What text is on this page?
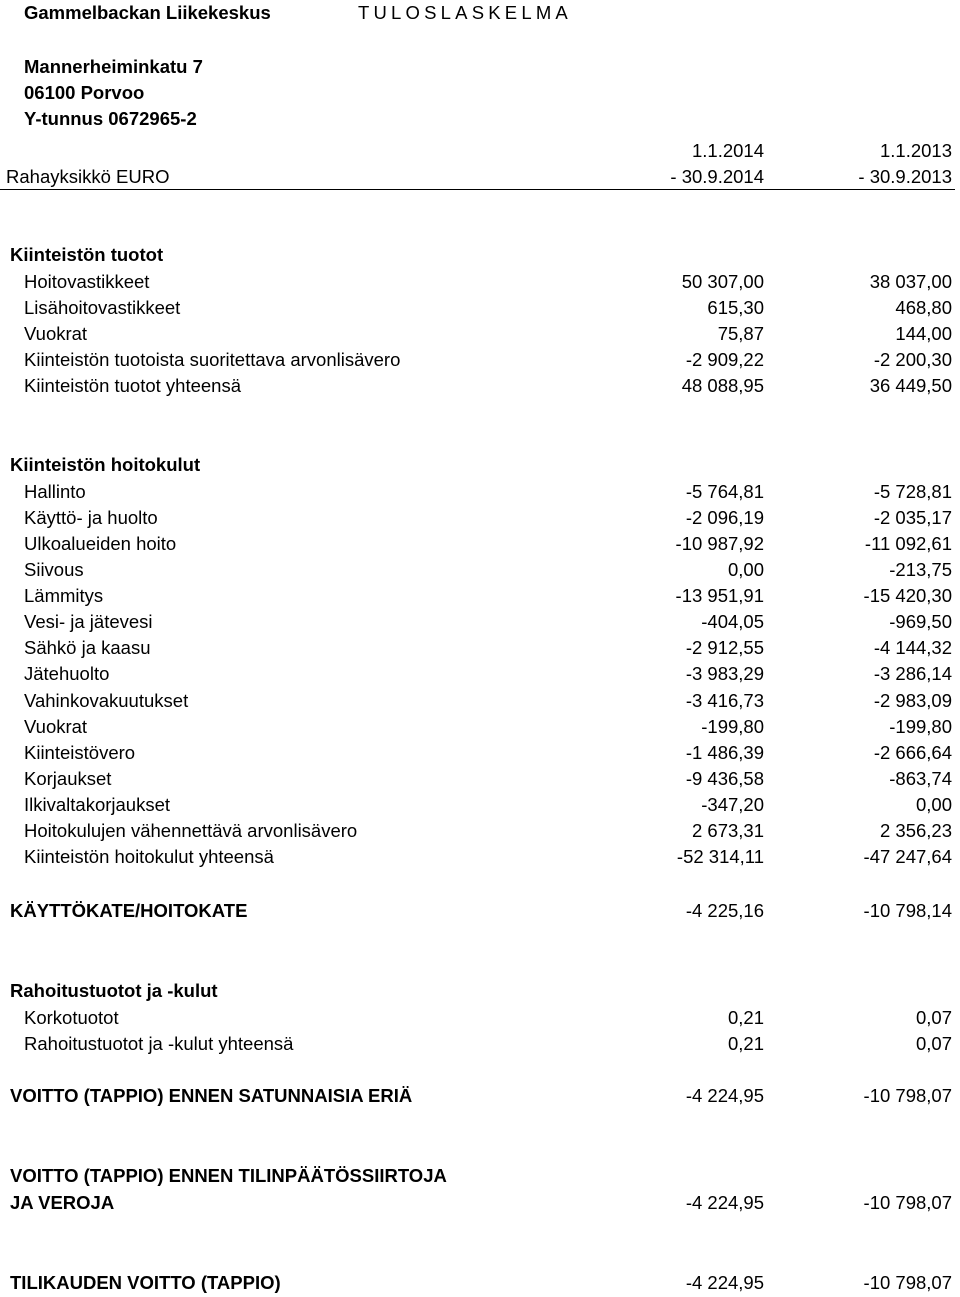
Gammelbackan Liikekeskus	TULOSLASKELMA
Mannerheiminkatu 7
06100 Porvoo
Y-tunnus 0672965-2
1.1.2014	1.1.2013
Rahayksikkö EURO	- 30.9.2014	- 30.9.2013
Kiinteistön tuotot
Hoitovastikkeet	50 307,00	38 037,00
Lisähoitovastikkeet	615,30	468,80
Vuokrat	75,87	144,00
Kiinteistön tuotoista suoritettava arvonlisävero	-2 909,22	-2 200,30
Kiinteistön tuotot yhteensä	48 088,95	36 449,50
Kiinteistön hoitokulut
Hallinto	-5 764,81	-5 728,81
Käyttö- ja huolto	-2 096,19	-2 035,17
Ulkoalueiden hoito	-10 987,92	-11 092,61
Siivous	0,00	-213,75
Lämmitys	-13 951,91	-15 420,30
Vesi- ja jätevesi	-404,05	-969,50
Sähkö ja kaasu	-2 912,55	-4 144,32
Jätehuolto	-3 983,29	-3 286,14
Vahinkovakuutukset	-3 416,73	-2 983,09
Vuokrat	-199,80	-199,80
Kiinteistövero	-1 486,39	-2 666,64
Korjaukset	-9 436,58	-863,74
Ilkivaltakorjaukset	-347,20	0,00
Hoitokulujen vähennettävä arvonlisävero	2 673,31	2 356,23
Kiinteistön hoitokulut yhteensä	-52 314,11	-47 247,64
KÄYTTÖKATE/HOITOKATE	-4 225,16	-10 798,14
Rahoitustuotot ja -kulut
Korkotuotot	0,21	0,07
Rahoitustuotot ja -kulut yhteensä	0,21	0,07
VOITTO (TAPPIO) ENNEN SATUNNAISIA ERIÄ	-4 224,95	-10 798,07
VOITTO (TAPPIO) ENNEN TILINPÄÄTÖSSIIRTOJA
JA VEROJA	-4 224,95	-10 798,07
TILIKAUDEN VOITTO (TAPPIO)	-4 224,95	-10 798,07
